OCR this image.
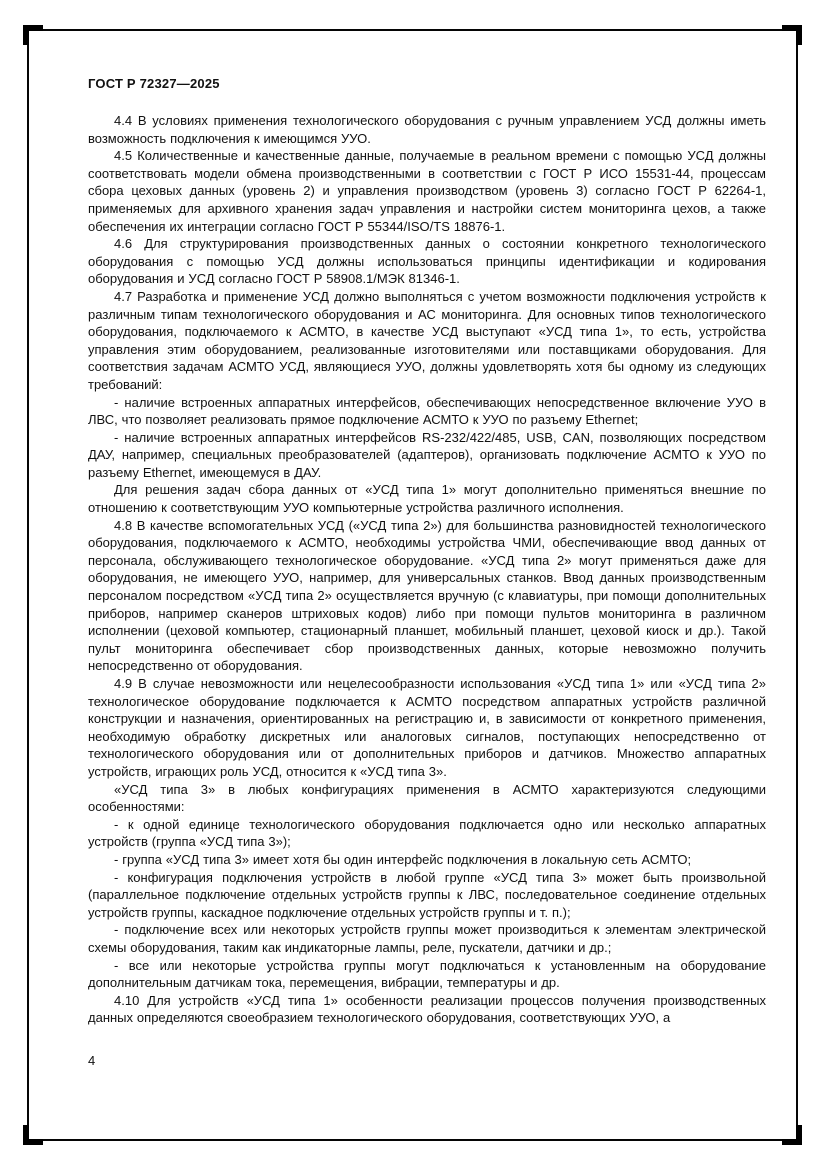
ГОСТ Р 72327—2025

4.4 В условиях применения технологического оборудования с ручным управлением УСД должны иметь возможность подключения к имеющимся УУО.

4.5 Количественные и качественные данные, получаемые в реальном времени с помощью УСД должны соответствовать модели обмена производственными в соответствии с ГОСТ Р ИСО 15531-44, процессам сбора цеховых данных (уровень 2) и управления производством (уровень 3) согласно ГОСТ Р 62264-1, применяемых для архивного хранения задач управления и настройки систем мониторинга цехов, а также обеспечения их интеграции согласно ГОСТ Р 55344/ISO/TS 18876-1.

4.6 Для структурирования производственных данных о состоянии конкретного технологического оборудования с помощью УСД должны использоваться принципы идентификации и кодирования оборудования и УСД согласно ГОСТ Р 58908.1/МЭК 81346-1.

4.7 Разработка и применение УСД должно выполняться с учетом возможности подключения устройств к различным типам технологического оборудования и АС мониторинга. Для основных типов технологического оборудования, подключаемого к АСМТО, в качестве УСД выступают «УСД типа 1», то есть, устройства управления этим оборудованием, реализованные изготовителями или поставщиками оборудования. Для соответствия задачам АСМТО УСД, являющиеся УУО, должны удовлетворять хотя бы одному из следующих требований:

- наличие встроенных аппаратных интерфейсов, обеспечивающих непосредственное включение УУО в ЛВС, что позволяет реализовать прямое подключение АСМТО к УУО по разъему Ethernet;

- наличие встроенных аппаратных интерфейсов RS-232/422/485, USB, CAN, позволяющих посредством ДАУ, например, специальных преобразователей (адаптеров), организовать подключение АСМТО к УУО по разъему Ethernet, имеющемуся в ДАУ.

Для решения задач сбора данных от «УСД типа 1» могут дополнительно применяться внешние по отношению к соответствующим УУО компьютерные устройства различного исполнения.

4.8 В качестве вспомогательных УСД («УСД типа 2») для большинства разновидностей технологического оборудования, подключаемого к АСМТО, необходимы устройства ЧМИ, обеспечивающие ввод данных от персонала, обслуживающего технологическое оборудование. «УСД типа 2» могут применяться даже для оборудования, не имеющего УУО, например, для универсальных станков. Ввод данных производственным персоналом посредством «УСД типа 2» осуществляется вручную (с клавиатуры, при помощи дополнительных приборов, например сканеров штриховых кодов) либо при помощи пультов мониторинга в различном исполнении (цеховой компьютер, стационарный планшет, мобильный планшет, цеховой киоск и др.). Такой пульт мониторинга обеспечивает сбор производственных данных, которые невозможно получить непосредственно от оборудования.

4.9 В случае невозможности или нецелесообразности использования «УСД типа 1» или «УСД типа 2» технологическое оборудование подключается к АСМТО посредством аппаратных устройств различной конструкции и назначения, ориентированных на регистрацию и, в зависимости от конкретного применения, необходимую обработку дискретных или аналоговых сигналов, поступающих непосредственно от технологического оборудования или от дополнительных приборов и датчиков. Множество аппаратных устройств, играющих роль УСД, относится к «УСД типа 3».

«УСД типа 3» в любых конфигурациях применения в АСМТО характеризуются следующими особенностями:

- к одной единице технологического оборудования подключается одно или несколько аппаратных устройств (группа «УСД типа 3»);

- группа «УСД типа 3» имеет хотя бы один интерфейс подключения в локальную сеть АСМТО;

- конфигурация подключения устройств в любой группе «УСД типа 3» может быть произвольной (параллельное подключение отдельных устройств группы к ЛВС, последовательное соединение отдельных устройств группы, каскадное подключение отдельных устройств группы и т. п.);

- подключение всех или некоторых устройств группы может производиться к элементам электрической схемы оборудования, таким как индикаторные лампы, реле, пускатели, датчики и др.;

- все или некоторые устройства группы могут подключаться к установленным на оборудование дополнительным датчикам тока, перемещения, вибрации, температуры и др.

4.10 Для устройств «УСД типа 1» особенности реализации процессов получения производственных данных определяются своеобразием технологического оборудования, соответствующих УУО, а

4
